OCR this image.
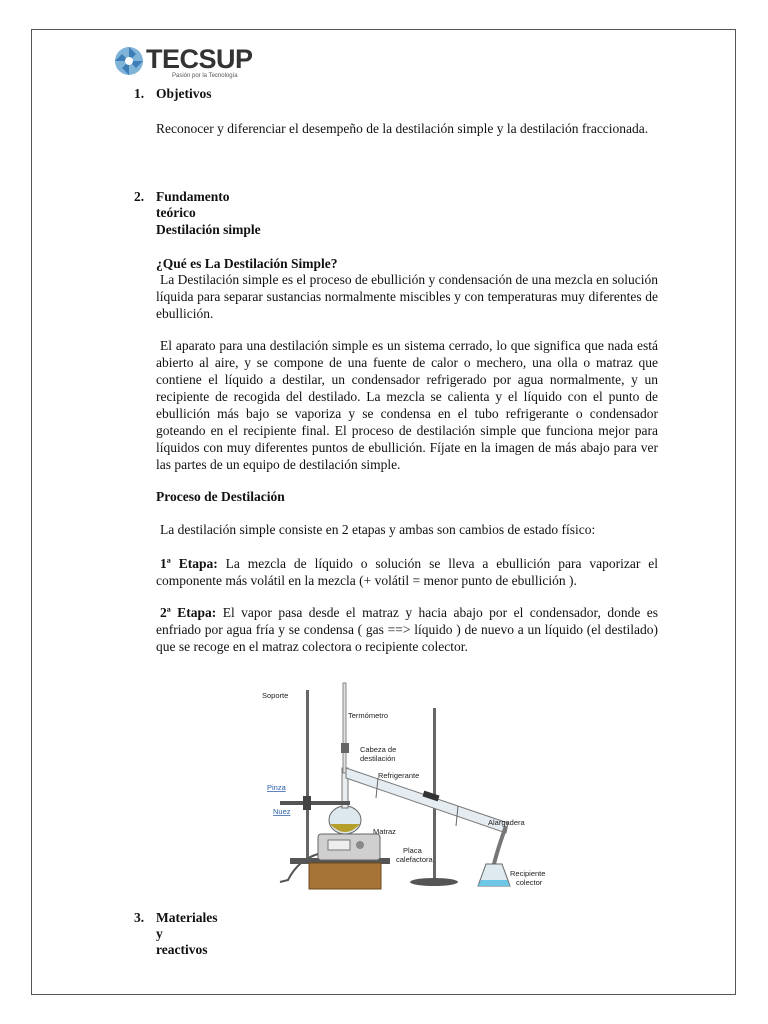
TECSUP
Pasión por la Tecnología
1. Objetivos
Reconocer y diferenciar el desempeño de la destilación simple y la destilación fraccionada.
2. Fundamento teórico
Destilación simple
¿Qué es La Destilación Simple?
La Destilación simple es el proceso de ebullición y condensación de una mezcla en solución líquida para separar sustancias normalmente miscibles y con temperaturas muy diferentes de ebullición.
El aparato para una destilación simple es un sistema cerrado, lo que significa que nada está abierto al aire, y se compone de una fuente de calor o mechero, una olla o matraz que contiene el líquido a destilar, un condensador refrigerado por agua normalmente, y un recipiente de recogida del destilado. La mezcla se calienta y el líquido con el punto de ebullición más bajo se vaporiza y se condensa en el tubo refrigerante o condensador goteando en el recipiente final. El proceso de destilación simple que funciona mejor para líquidos con muy diferentes puntos de ebullición. Fíjate en la imagen de más abajo para ver las partes de un equipo de destilación simple.
Proceso de Destilación
La destilación simple consiste en 2 etapas y ambas son cambios de estado físico:
1ª Etapa: La mezcla de líquido o solución se lleva a ebullición para vaporizar el componente más volátil en la mezcla (+ volátil = menor punto de ebullición ).
2ª Etapa: El vapor pasa desde el matraz y hacia abajo por el condensador, donde es enfriado por agua fría y se condensa ( gas ==> líquido ) de nuevo a un líquido (el destilado) que se recoge en el matraz colectora o recipiente colector.
Soporte
Termómetro
Cabeza de
destilación
Refrigerante
Pinza
Nuez
Matraz
Placa
calefactora
Alargadera
Recipiente
colector
3. Materiales y reactivos
